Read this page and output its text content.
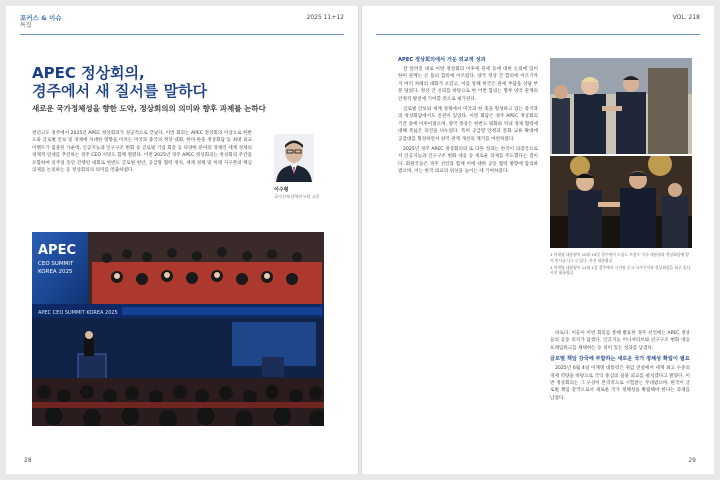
포커스 & 이슈
특집
2025 11+12
APEC 정상회의,
경주에서 새 질서를 말하다
새로운 국가정체성을 향한 도약, 정상회의의 의미와 향후 과제를 논하다
천년고도 경주에서 2025년 APEC 정상회의가 성공적으로 끝났다. 이번 회의는 APEC 정상회의 이상으로 한반도와 글로벌 안보 및 경제에 지대한 영향을 미치는 미국과 중국의 정상 대화, 한미·한중 정상회담 등 최대 외교 이벤트가 집중된 가운데, 인공지능과 인구구조 변화 등 글로벌 기업 회장 등 다양한 분야의 경제인 세계 경제의 경제적 연대를 추진하는 경주 CEO 서밋도 함께 열렸다. 이번 2025년 경주 APEC 정상회의는 정상회의 주간을 포함하여 일주일 동안 진행된 대회로 한반도 글로벌 현안, 공급망 협력 정치, 세계 경제 및 미래 지구촌의 핵심 의제를 논의하는 등 정상회의의 의미를 연출하였다.
이수형
국가안보전략연구원 고문
APEC
CEO SUMMIT
KOREA 2025
APEC CEO SUMMIT KOREA 2025
28
VOL. 218
APEC 정상회의에서 거둔 외교적 성과

잘 알려진 대로 이번 정상회의 이후에 관세 등에 대한 논의에 있어 한미 관계는 큰 틀의 합의에 이르렀다. 양국 정상 간 합의에 이르기까지 여러 차례의 대화가 오갔고, 이를 통해 한국은 관세 부담을 상당 부분 덜었다. 정상 간 신뢰를 바탕으로 한 이번 합의는 향후 양국 관계의 안정적 발전에 기여할 것으로 평가된다.

글로벌 안보와 세계 경제에서 미국과 한 축을 형성하고 있는 중국과의 정상회담에서도 진전이 있었다. 이번 회담은 경주 APEC 정상회의 기간 중에 이루어졌으며, 양국 정상은 한반도 평화와 역내 경제 협력에 대해 폭넓은 의견을 나누었다. 특히 공급망 안정과 문화 교류 확대에 공감대를 형성하면서 양국 관계 개선의 계기를 마련하였다.

2025년 경주 APEC 정상회의의 또 다른 성과는 한국이 의장국으로서 인공지능과 인구구조 변화 대응 등 새로운 의제를 주도했다는 점이다. 회원국들은 경주 선언과 함께 이에 대한 공동 협력 방향에 합의하였으며, 이는 한국 외교의 위상을 높이는 데 기여하였다.

1 이재명 대통령이 10월 29일 경주에서 도널드 트럼프 미국 대통령과 정상회담에 앞서 인사를 나누고 있다. 사진 대통령실
2 이재명 대통령이 11월 1일 경주에서 시진핑 중국 국가주석과 정상회담을 하고 있다. 사진 대통령실

바로다. 이들이 이번 회의를 통해 발표한 경주 선언에는 APEC 정상들의 공동 의지가 담겼다. 인공지능 이니셔티브와 인구구조 변화 대응 프레임워크를 채택하는 등 의미 있는 성과를 남겼다.

글로벌 책임 강국에 부합하는 새로운 국가 정체성 확립이 필요

2025년 6월 4일 이재명 대통령은 취임 연설에서 세계 최고 수준의 경제 역량을 바탕으로 국익 중심의 실용 외교를 펼치겠다고 밝혔다. 이번 정상회의는 그 구상이 본격적으로 시험받는 무대였으며, 한국이 글로벌 책임 강국으로서 새로운 국가 정체성을 확립해야 한다는 과제를 남겼다.

29
